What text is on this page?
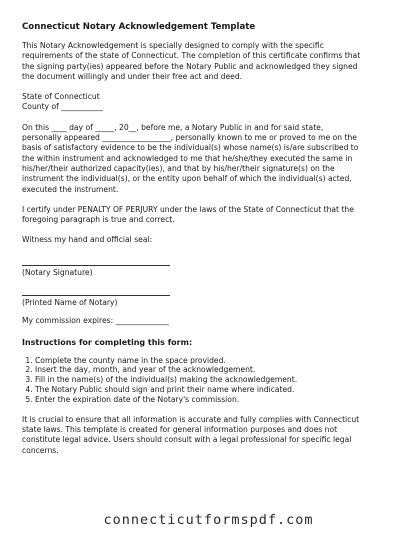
Connecticut Notary Acknowledgement Template
This Notary Acknowledgement is specially designed to comply with the specific
requirements of the state of Connecticut. The completion of this certificate confirms that
the signing party(ies) appeared before the Notary Public and acknowledged they signed
the document willingly and under their free act and deed.
State of Connecticut
County of ___________
On this ____ day of _____, 20__, before me, a Notary Public in and for said state,
personally appeared __________________, personally known to me or proved to me on the
basis of satisfactory evidence to be the individual(s) whose name(s) is/are subscribed to
the within instrument and acknowledged to me that he/she/they executed the same in
his/her/their authorized capacity(ies), and that by his/her/their signature(s) on the
instrument the individual(s), or the entity upon behalf of which the individual(s) acted,
executed the instrument.
I certify under PENALTY OF PERJURY under the laws of the State of Connecticut that the
foregoing paragraph is true and correct.
Witness my hand and official seal:
(Notary Signature)
(Printed Name of Notary)
My commission expires: ______________
Instructions for completing this form:
1. Complete the county name in the space provided.
2. Insert the day, month, and year of the acknowledgement.
3. Fill in the name(s) of the individual(s) making the acknowledgement.
4. The Notary Public should sign and print their name where indicated.
5. Enter the expiration date of the Notary's commission.
It is crucial to ensure that all information is accurate and fully complies with Connecticut
state laws. This template is created for general information purposes and does not
constitute legal advice. Users should consult with a legal professional for specific legal
concerns.
connecticutformspdf.com
